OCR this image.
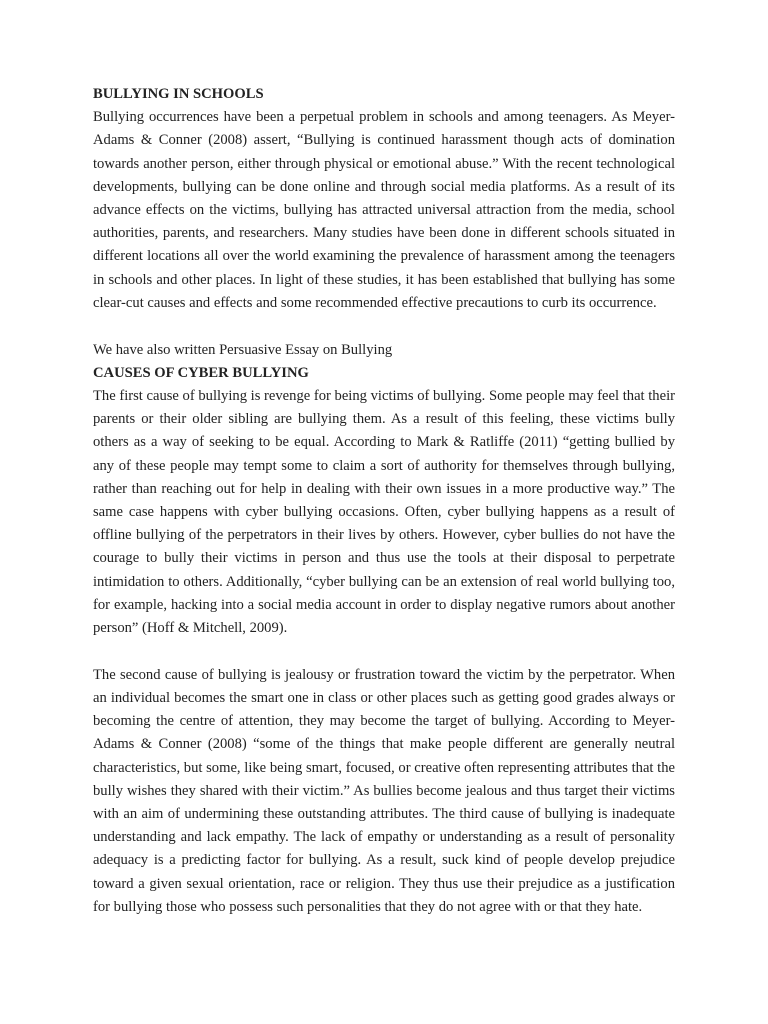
BULLYING IN SCHOOLS

Bullying occurrences have been a perpetual problem in schools and among teenagers. As Meyer-Adams & Conner (2008) assert, “Bullying is continued harassment though acts of domination towards another person, either through physical or emotional abuse.” With the recent technological developments, bullying can be done online and through social media platforms. As a result of its advance effects on the victims, bullying has attracted universal attraction from the media, school authorities, parents, and researchers. Many studies have been done in different schools situated in different locations all over the world examining the prevalence of harassment among the teenagers in schools and other places. In light of these studies, it has been established that bullying has some clear-cut causes and effects and some recommended effective precautions to curb its occurrence.

We have also written Persuasive Essay on Bullying

CAUSES OF CYBER BULLYING

The first cause of bullying is revenge for being victims of bullying. Some people may feel that their parents or their older sibling are bullying them. As a result of this feeling, these victims bully others as a way of seeking to be equal. According to Mark & Ratliffe (2011) “getting bullied by any of these people may tempt some to claim a sort of authority for themselves through bullying, rather than reaching out for help in dealing with their own issues in a more productive way.” The same case happens with cyber bullying occasions. Often, cyber bullying happens as a result of offline bullying of the perpetrators in their lives by others. However, cyber bullies do not have the courage to bully their victims in person and thus use the tools at their disposal to perpetrate intimidation to others. Additionally, “cyber bullying can be an extension of real world bullying too, for example, hacking into a social media account in order to display negative rumors about another person” (Hoff & Mitchell, 2009).

The second cause of bullying is jealousy or frustration toward the victim by the perpetrator. When an individual becomes the smart one in class or other places such as getting good grades always or becoming the centre of attention, they may become the target of bullying. According to Meyer-Adams & Conner (2008) “some of the things that make people different are generally neutral characteristics, but some, like being smart, focused, or creative often representing attributes that the bully wishes they shared with their victim.” As bullies become jealous and thus target their victims with an aim of undermining these outstanding attributes. The third cause of bullying is inadequate understanding and lack empathy. The lack of empathy or understanding as a result of personality adequacy is a predicting factor for bullying. As a result, suck kind of people develop prejudice toward a given sexual orientation, race or religion. They thus use their prejudice as a justification for bullying those who possess such personalities that they do not agree with or that they hate.
